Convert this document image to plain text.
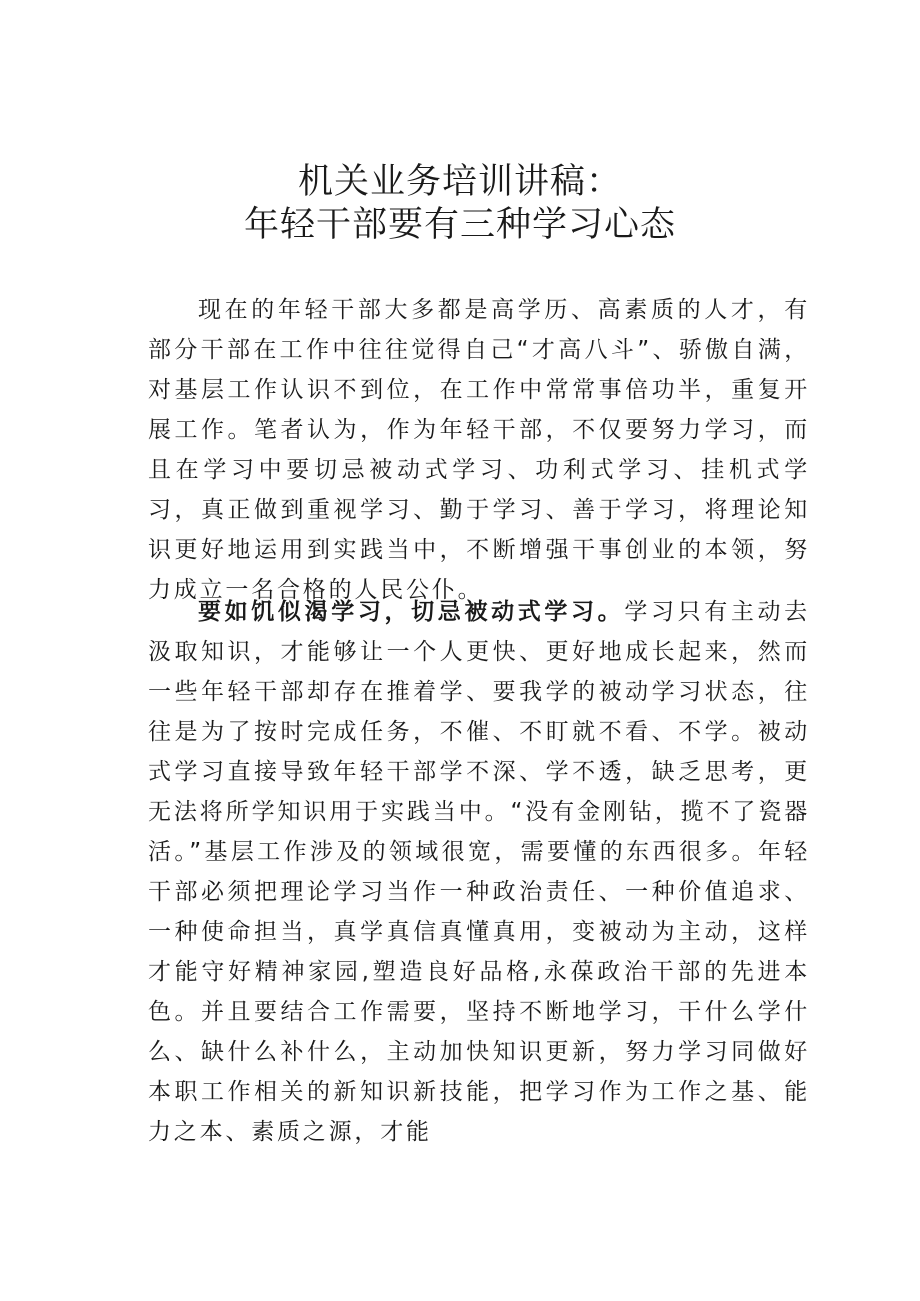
机关业务培训讲稿：
年轻干部要有三种学习心态

现在的年轻干部大多都是高学历、高素质的人才，有部分干部在工作中往往觉得自己“才高八斗”、骄傲自满，对基层工作认识不到位，在工作中常常事倍功半，重复开展工作。笔者认为，作为年轻干部，不仅要努力学习，而且在学习中要切忌被动式学习、功利式学习、挂机式学习，真正做到重视学习、勤于学习、善于学习，将理论知识更好地运用到实践当中，不断增强干事创业的本领，努力成立一名合格的人民公仆。

要如饥似渴学习，切忌被动式学习。学习只有主动去汲取知识，才能够让一个人更快、更好地成长起来，然而一些年轻干部却存在推着学、要我学的被动学习状态，往往是为了按时完成任务，不催、不盯就不看、不学。被动式学习直接导致年轻干部学不深、学不透，缺乏思考，更无法将所学知识用于实践当中。“没有金刚钻，揽不了瓷器活。”基层工作涉及的领域很宽，需要懂的东西很多。年轻干部必须把理论学习当作一种政治责任、一种价值追求、一种使命担当，真学真信真懂真用，变被动为主动，这样才能守好精神家园,塑造良好品格,永葆政治干部的先进本色。并且要结合工作需要，坚持不断地学习，干什么学什么、缺什么补什么，主动加快知识更新，努力学习同做好本职工作相关的新知识新技能，把学习作为工作之基、能力之本、素质之源，才能
